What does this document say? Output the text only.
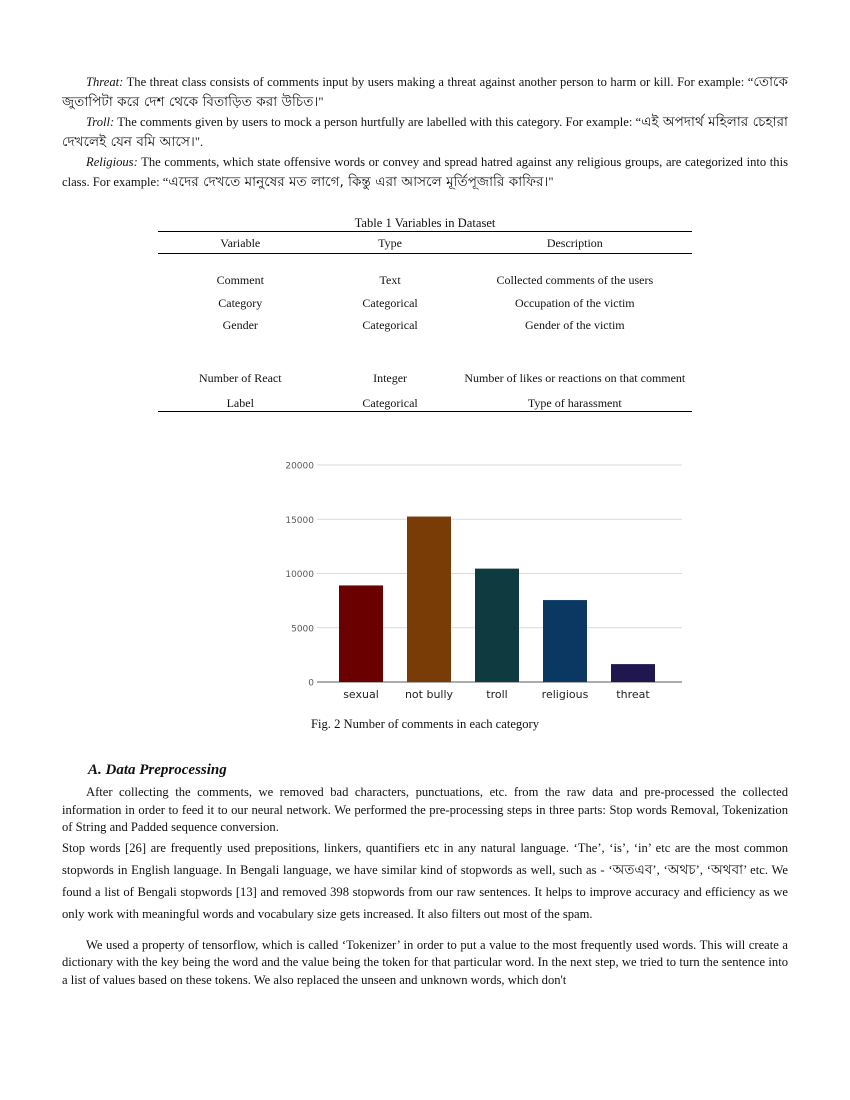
Threat: The threat class consists of comments input by users making a threat against another person to harm or kill. For example: “তোকে জুতাপিটা করে দেশ থেকে বিতাড়িত করা উচিত।"

Troll: The comments given by users to mock a person hurtfully are labelled with this category. For example: “এই অপদার্থ মহিলার চেহারা দেখলেই যেন বমি আসে।".

Religious: The comments, which state offensive words or convey and spread hatred against any religious groups, are categorized into this class. For example: “এদের দেখতে মানুষের মত লাগে, কিন্তু এরা আসলে মূর্তিপূজারি কাফির।"

Table 1 Variables in Dataset
Variable	Type	Description
Comment	Text	Collected comments of the users
Category	Categorical	Occupation of the victim
Gender	Categorical	Gender of the victim
Number of React	Integer	Number of likes or reactions on that comment
Label	Categorical	Type of harassment
0
5000
10000
15000
20000
sexual not bully	troll	religious	threat
Fig. 2 Number of comments in each category
A. Data Preprocessing

After collecting the comments, we removed bad characters, punctuations, etc. from the raw data and pre-processed the collected information in order to feed it to our neural network. We performed the pre-processing steps in three parts: Stop words Removal, Tokenization of String and Padded sequence conversion.

Stop words [26] are frequently used prepositions, linkers, quantifiers etc in any natural language. ‘The’, ‘is’, ‘in’ etc are the most common stopwords in English language. In Bengali language, we have similar kind of stopwords as well, such as - ‘অতএব’, ‘অথচ’, ‘অথবা’ etc. We found a list of Bengali stopwords [13] and removed 398 stopwords from our raw sentences. It helps to improve accuracy and efficiency as we only work with meaningful words and vocabulary size gets increased. It also filters out most of the spam.

We used a property of tensorflow, which is called ‘Tokenizer’ in order to put a value to the most frequently used words. This will create a dictionary with the key being the word and the value being the token for that particular word. In the next step, we tried to turn the sentence into a list of values based on these tokens. We also replaced the unseen and unknown words, which don't
